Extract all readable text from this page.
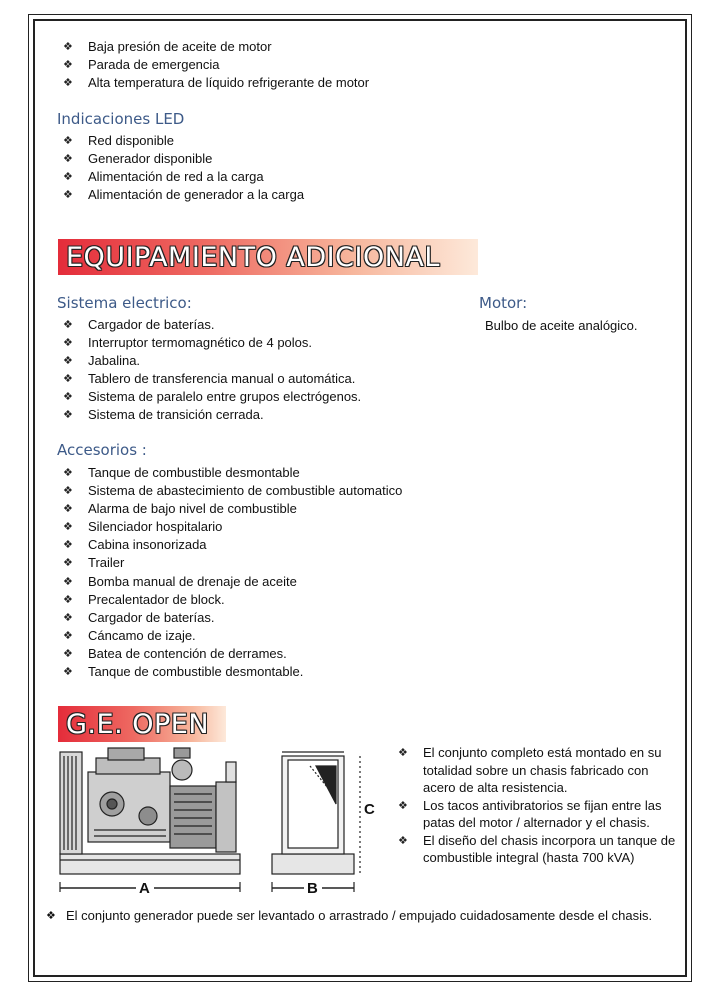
❖ Baja presión de aceite de motor
❖ Parada de emergencia
❖ Alta temperatura de líquido refrigerante de motor
Indicaciones LED
❖ Red disponible
❖ Generador disponible
❖ Alimentación de red a la carga
❖ Alimentación de generador a la carga
EQUIPAMIENTO ADICIONAL
Sistema electrico:
❖ Cargador de baterías.
❖ Interruptor termomagnético de 4 polos.
❖ Jabalina.
❖ Tablero de transferencia manual o automática.
❖ Sistema de paralelo entre grupos electrógenos.
❖ Sistema de transición cerrada.
Motor:
Bulbo de aceite analógico.
Accesorios :
❖ Tanque de combustible desmontable
❖ Sistema de abastecimiento de combustible automatico
❖ Alarma de bajo nivel de combustible
❖ Silenciador hospitalario
❖ Cabina insonorizada
❖ Trailer
❖ Bomba manual de drenaje de aceite
❖ Precalentador de block.
❖ Cargador de baterías.
❖ Cáncamo de izaje.
❖ Batea de contención de derrames.
❖ Tanque de combustible desmontable.
G.E. OPEN
A	B
C
❖ El conjunto completo está montado en su totalidad sobre un chasis fabricado con acero de alta resistencia.
❖ Los tacos antivibratorios se fijan entre las patas del motor / alternador y el chasis.
❖ El diseño del chasis incorpora un tanque de combustible integral (hasta 700 kVA)
❖ El conjunto generador puede ser levantado o arrastrado / empujado cuidadosamente desde el chasis.
